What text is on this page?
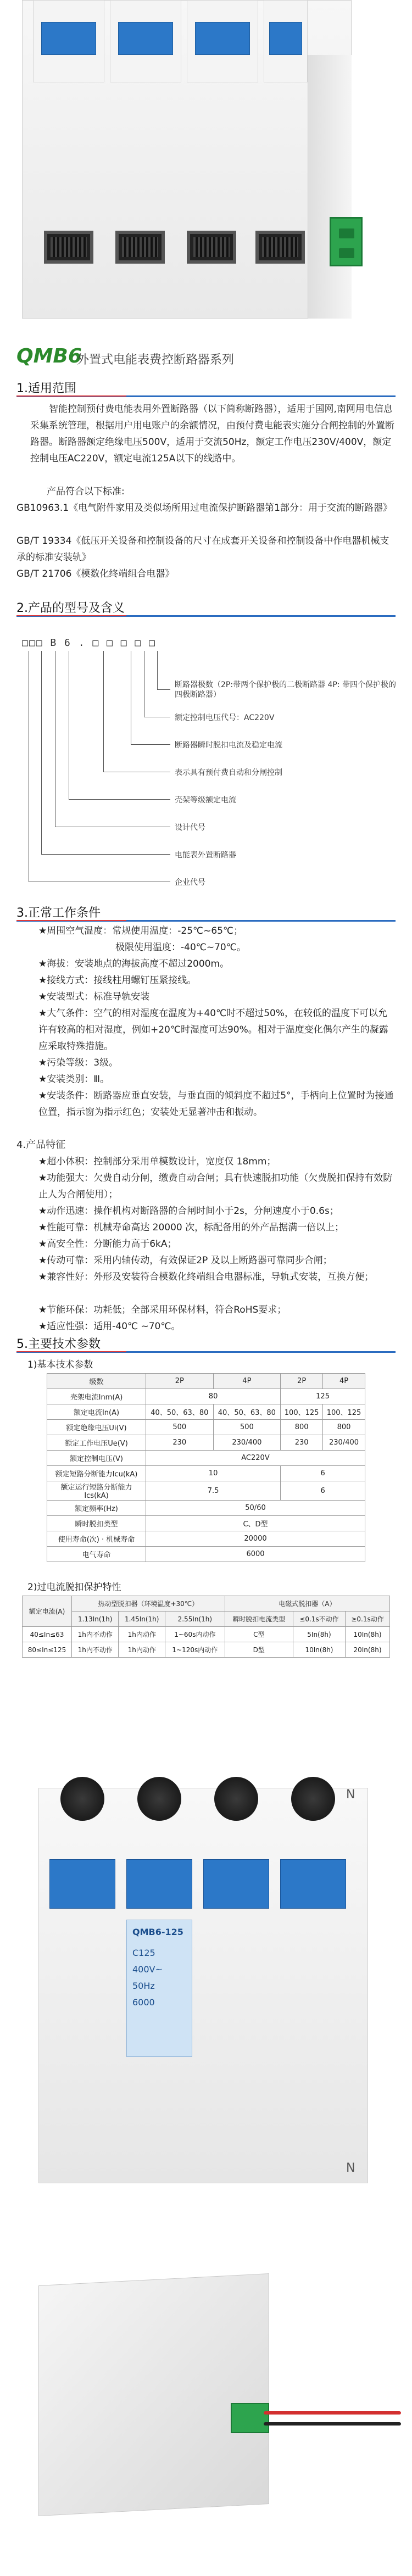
QMB6
外置式电能表费控断路器系列
1.适用范围
智能控制预付费电能表用外置断路器（以下简称断路器），适用于国网,南网用电信息采集系统管理，根据用户用电账户的余额情况，由预付费电能表实施分合闸控制的外置断路器。断路器额定绝缘电压500V，适用于交流50Hz，额定工作电压230V/400V，额定控制电压AC220V，额定电流125A以下的线路中。
产品符合以下标准:
GB10963.1《电气附件家用及类似场所用过电流保护断路器第1部分：用于交流的断路器》
GB/T 19334《低压开关设备和控制设备的尺寸在成套开关设备和控制设备中作电器机械支承的标准安装轨》
GB/T 21706《模数化终端组合电器》
2.产品的型号及含义
□□□ B 6 . □ □ □ □ □
断路器极数（2P:带两个保护极的二极断路器 4P: 带四个保护极的四极断路器）
额定控制电压代号：AC220V
断路器瞬时脱扣电流及稳定电流
表示具有预付费自动和分闸控制
壳架等级额定电流
设计代号
电能表外置断路器
企业代号
3.正常工作条件
★周围空气温度：常规使用温度：-25℃~65℃；
极限使用温度：-40℃~70℃。
★海拔：安装地点的海拔高度不超过2000m。
★接线方式：接线柱用螺钉压紧接线。
★安装型式：标准导轨安装
★大气条件：空气的相对湿度在温度为+40℃时不超过50%，在较低的温度下可以允许有较高的相对湿度，例如+20℃时湿度可达90%。相对于温度变化偶尔产生的凝露应采取特殊措施。
★污染等级：3级。
★安装类别：Ⅲ。
★安装条件：断路器应垂直安装，与垂直面的倾斜度不超过5°，手柄向上位置时为接通位置，指示窗为指示红色；安装处无显著冲击和振动。
4.产品特征
★超小体积：控制部分采用单模数设计，宽度仅 18mm；
★功能强大：欠费自动分闸，缴费自动合闸；具有快速脱扣功能（欠费脱扣保持有效防止人为合闸使用）；
★动作迅速：操作机构对断路器的合闸时间小于2s，分闸速度小于0.6s；
★性能可靠：机械寿命高达 20000 次，标配备用的外产品据满一倍以上；
★高安全性：分断能力高于6kA；
★传动可靠：采用内轴传动，有效保证2P 及以上断路器可靠同步合闸；
★兼容性好：外形及安装符合模数化终端组合电器标准，导轨式安装，互换方便；
★节能环保：功耗低；全部采用环保材料，符合RoHS要求；
★适应性强：适用-40℃ ~70℃。
5.主要技术参数
1)基本技术参数
级数	2P	4P	2P	4P
壳架电流Inm(A)	80		125	
额定电流In(A)	40、50、63、80	40、50、63、80	100、125	100、125
额定绝缘电压Ui(V)	500	500	800	800
额定工作电压Ue(V)	230	230/400	230	230/400
额定控制电压(V)	AC220V			
额定短路分断能力Icu(kA)	10		6	
额定运行短路分断能力Ics(kA)	7.5		6	
额定频率(Hz)	50/60			
瞬时脱扣类型	C、D型			
使用寿命(次) · 机械寿命	20000			
电气寿命	6000			
2)过电流脱扣保护特性
额定电流(A)	热动型脱扣器（环境温度+30℃）			电磁式脱扣器（A）		
	1.13In(1h)	1.45In(1h)	2.55In(1h)	瞬时脱扣电流类型	≤0.1s不动作	≥0.1s动作
40≤In≤63	1h内不动作	1h内动作	1~60s内动作	C型	5In(8h)	10In(8h)
80≤In≤125	1h内不动作	1h内动作	1~120s内动作	D型	10In(8h)	20In(8h)
QMB6-125
C125
400V~
50Hz
6000
N
N
